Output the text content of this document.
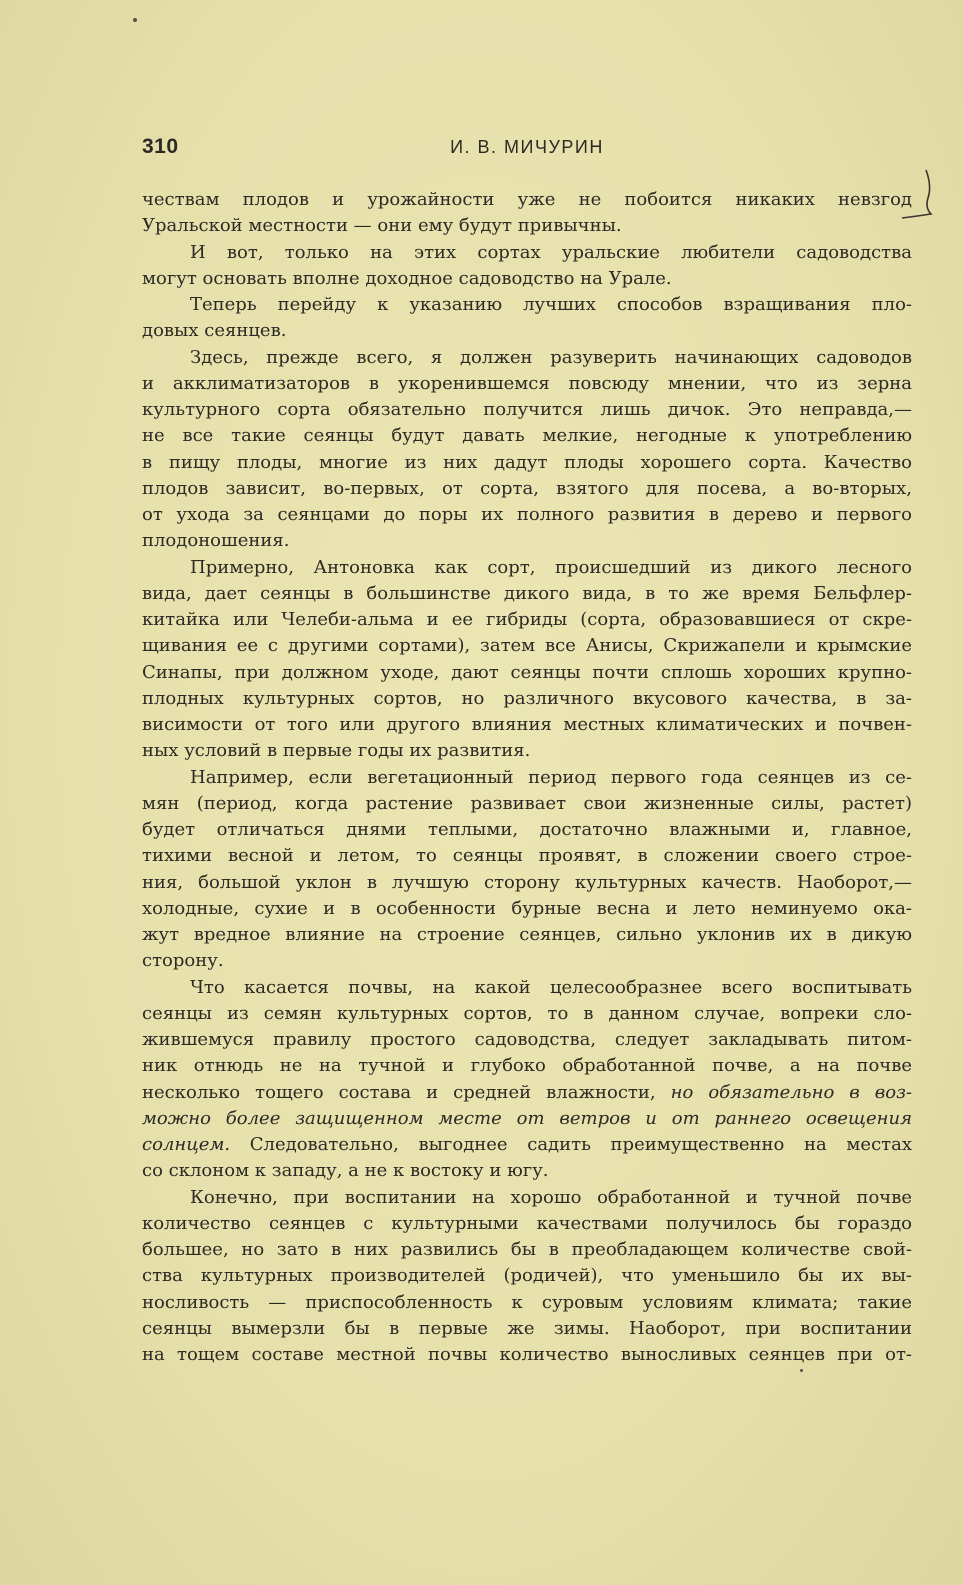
310	И. В. МИЧУРИН
чествам плодов и урожайности уже не побоится никаких невзгод
Уральской местности — они ему будут привычны.
И вот, только на этих сортах уральские любители садоводства
могут основать вполне доходное садоводство на Урале.
Теперь перейду к указанию лучших способов взращивания пло-
довых сеянцев.
Здесь, прежде всего, я должен разуверить начинающих садоводов
и акклиматизаторов в укоренившемся повсюду мнении, что из зерна
культурного сорта обязательно получится лишь дичок. Это неправда,—
не все такие сеянцы будут давать мелкие, негодные к употреблению
в пищу плоды, многие из них дадут плоды хорошего сорта. Качество
плодов зависит, во-первых, от сорта, взятого для посева, а во-вторых,
от ухода за сеянцами до поры их полного развития в дерево и первого
плодоношения.
Примерно, Антоновка как сорт, происшедший из дикого лесного
вида, дает сеянцы в большинстве дикого вида, в то же время Бельфлер-
китайка или Челеби-альма и ее гибриды (сорта, образовавшиеся от скре-
щивания ее с другими сортами), затем все Анисы, Скрижапели и крымские
Синапы, при должном уходе, дают сеянцы почти сплошь хороших крупно-
плодных культурных сортов, но различного вкусового качества, в за-
висимости от того или другого влияния местных климатических и почвен-
ных условий в первые годы их развития.
Например, если вегетационный период первого года сеянцев из се-
мян (период, когда растение развивает свои жизненные силы, растет)
будет отличаться днями теплыми, достаточно влажными и, главное,
тихими весной и летом, то сеянцы проявят, в сложении своего строе-
ния, большой уклон в лучшую сторону культурных качеств. Наоборот,—
холодные, сухие и в особенности бурные весна и лето неминуемо ока-
жут вредное влияние на строение сеянцев, сильно уклонив их в дикую
сторону.
Что касается почвы, на какой целесообразнее всего воспитывать
сеянцы из семян культурных сортов, то в данном случае, вопреки сло-
жившемуся правилу простого садоводства, следует закладывать питом-
ник отнюдь не на тучной и глубоко обработанной почве, а на почве
несколько тощего состава и средней влажности, но обязательно в воз-
можно более защищенном месте от ветров и от раннего освещения
солнцем. Следовательно, выгоднее садить преимущественно на местах
со склоном к западу, а не к востоку и югу.
Конечно, при воспитании на хорошо обработанной и тучной почве
количество сеянцев с культурными качествами получилось бы гораздо
большее, но зато в них развились бы в преобладающем количестве свой-
ства культурных производителей (родичей), что уменьшило бы их вы-
носливость — приспособленность к суровым условиям климата; такие
сеянцы вымерзли бы в первые же зимы. Наоборот, при воспитании
на тощем составе местной почвы количество выносливых сеянцев при от-
